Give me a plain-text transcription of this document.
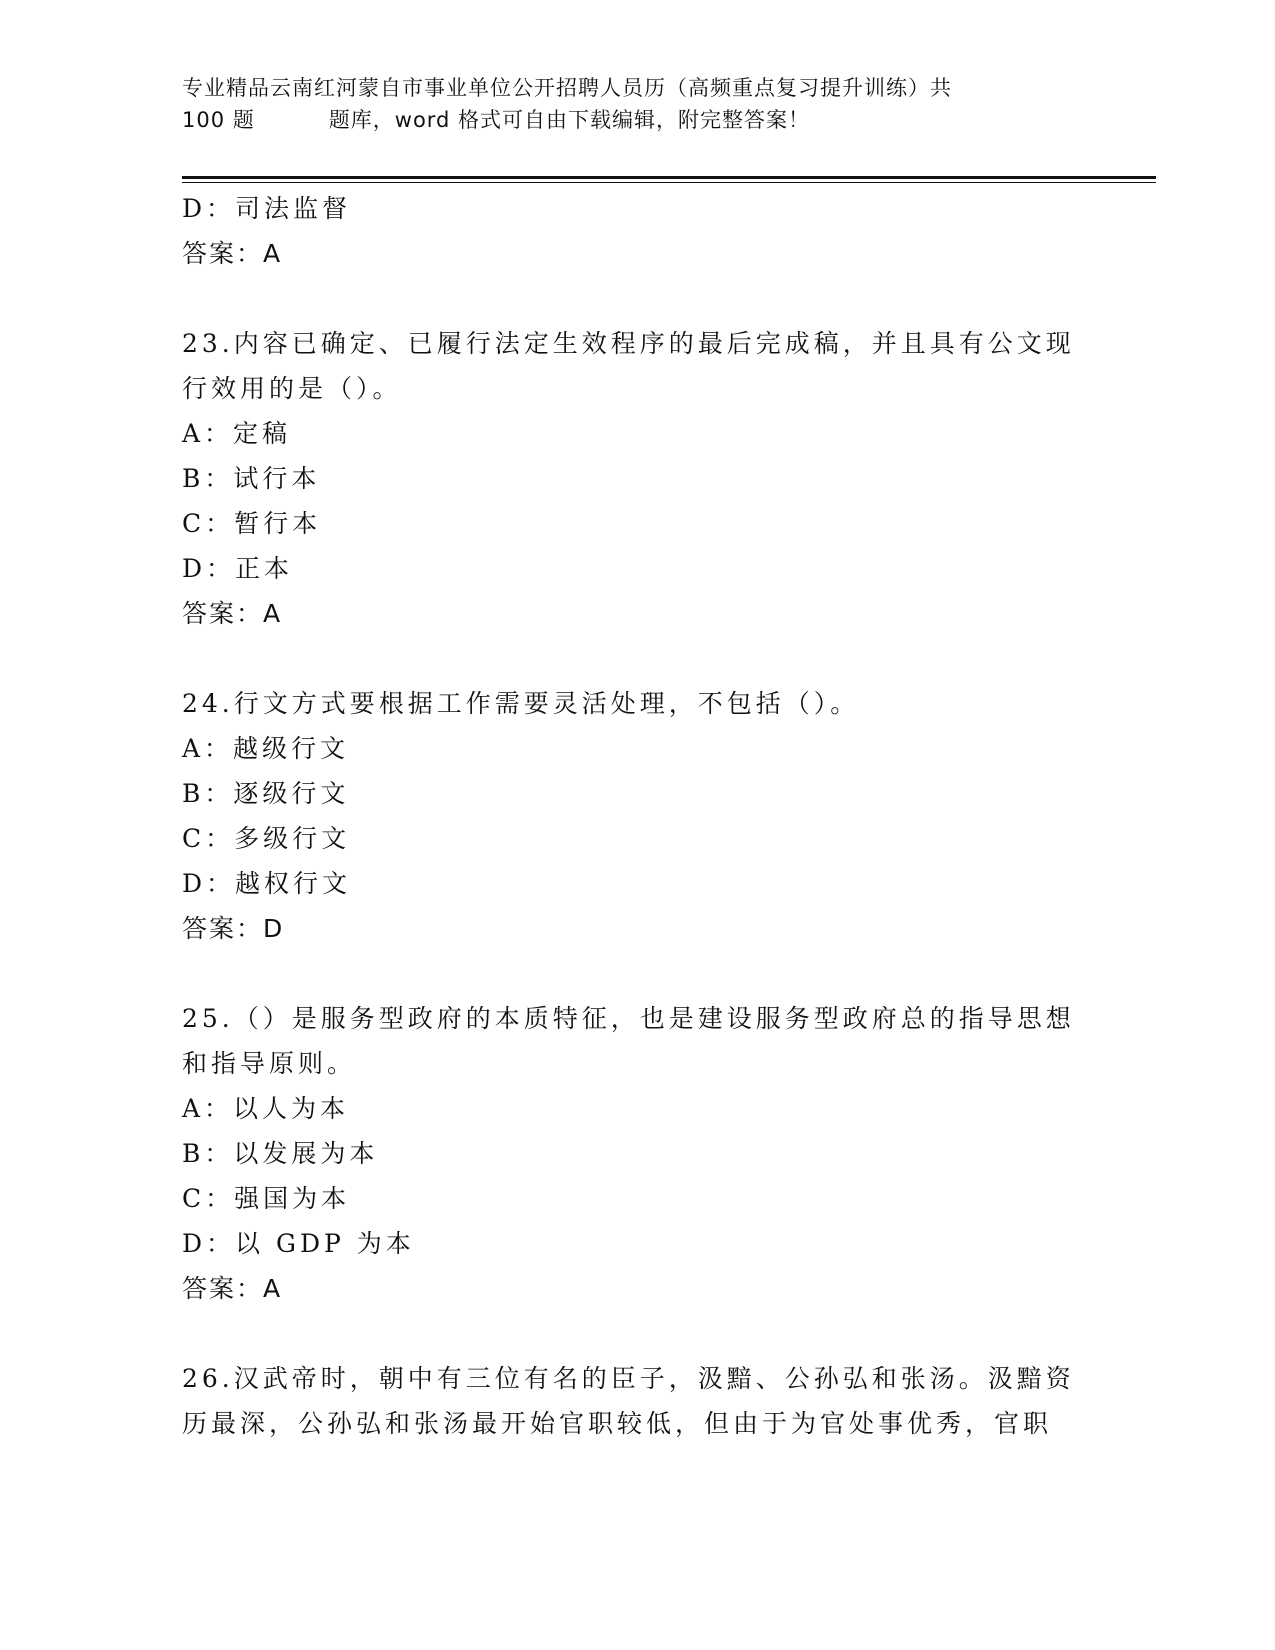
专业精品云南红河蒙自市事业单位公开招聘人员历（高频重点复习提升训练）共
100 题	题库，word 格式可自由下载编辑，附完整答案！
D：司法监督
答案：A
23.内容已确定、已履行法定生效程序的最后完成稿，并且具有公文现
行效用的是（）。
A：定稿
B：试行本
C：暂行本
D：正本
答案：A
24.行文方式要根据工作需要灵活处理，不包括（）。
A：越级行文
B：逐级行文
C：多级行文
D：越权行文
答案：D
25.（）是服务型政府的本质特征，也是建设服务型政府总的指导思想
和指导原则。
A：以人为本
B：以发展为本
C：强国为本
D：以 GDP 为本
答案：A
26.汉武帝时，朝中有三位有名的臣子，汲黯、公孙弘和张汤。汲黯资
历最深，公孙弘和张汤最开始官职较低，但由于为官处事优秀，官职
